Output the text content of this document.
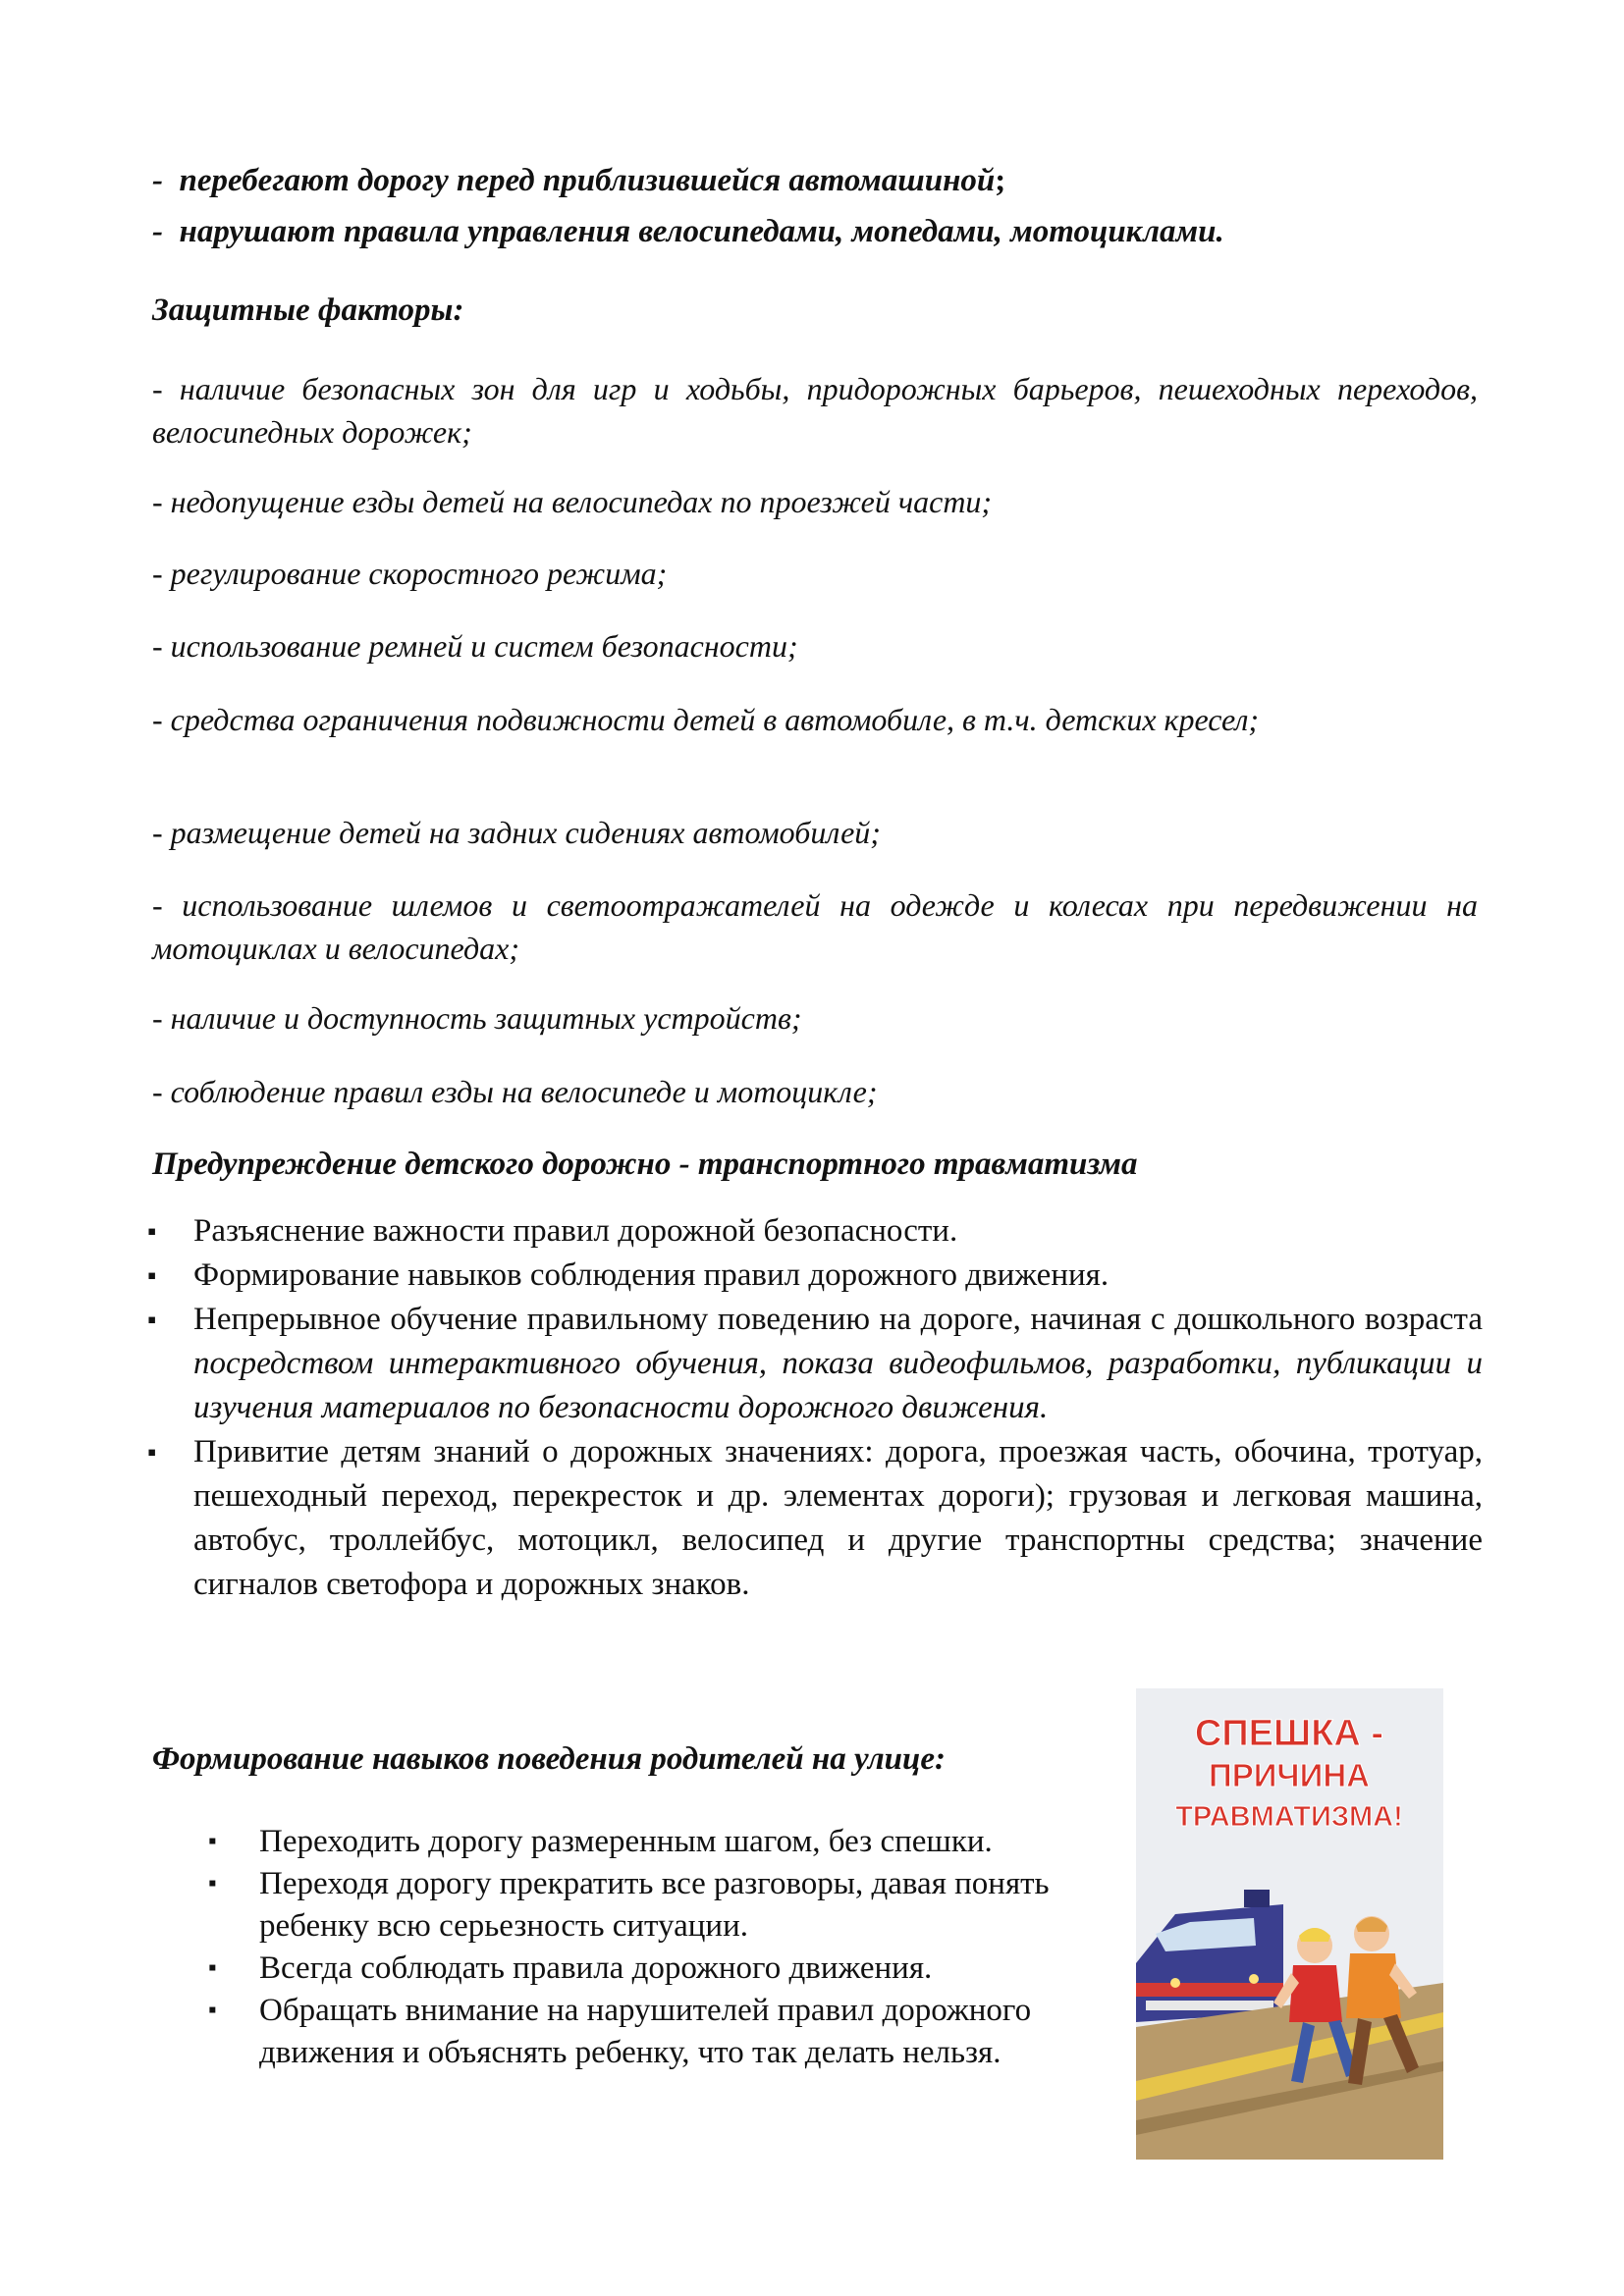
- перебегают дорогу перед приблизившейся автомашиной;
- нарушают правила управления велосипедами, мопедами, мотоциклами.
Защитные факторы:
- наличие безопасных зон для игр и ходьбы, придорожных барьеров, пешеходных переходов, велосипедных дорожек;
- недопущение езды детей на велосипедах по проезжей части;
- регулирование скоростного режима;
- использование ремней и систем безопасности;
- средства ограничения подвижности детей в автомобиле, в т.ч. детских кресел;
- размещение детей на задних сидениях автомобилей;
- использование шлемов и светоотражателей на одежде и колесах при передвижении на мотоциклах и велосипедах;
- наличие и доступность защитных устройств;
- соблюдение правил езды на велосипеде и мотоцикле;
Предупреждение детского дорожно - транспортного травматизма
▪ Разъяснение важности правил дорожной безопасности.
▪ Формирование навыков соблюдения правил дорожного движения.
▪ Непрерывное обучение правильному поведению на дороге, начиная с дошкольного возраста посредством интерактивного обучения, показа видеофильмов, разработки, публикации и изучения материалов по безопасности дорожного движения.
▪ Привитие детям знаний о дорожных значениях: дорога, проезжая часть, обочина, тротуар, пешеходный переход, перекресток и др. элементах дороги); грузовая и легковая машина, автобус, троллейбус, мотоцикл, велосипед и другие транспортны средства; значение сигналов светофора и дорожных знаков.
Формирование навыков поведения родителей на улице:
▪ Переходить дорогу размеренным шагом, без спешки.
▪ Переходя дорогу прекратить все разговоры, давая понять ребенку всю серьезность ситуации.
▪ Всегда соблюдать правила дорожного движения.
▪ Обращать внимание на нарушителей правил дорожного движения и объяснять ребенку, что так делать нельзя.
СПЕШКА -
ПРИЧИНА
ТРАВМАТИЗМА!
